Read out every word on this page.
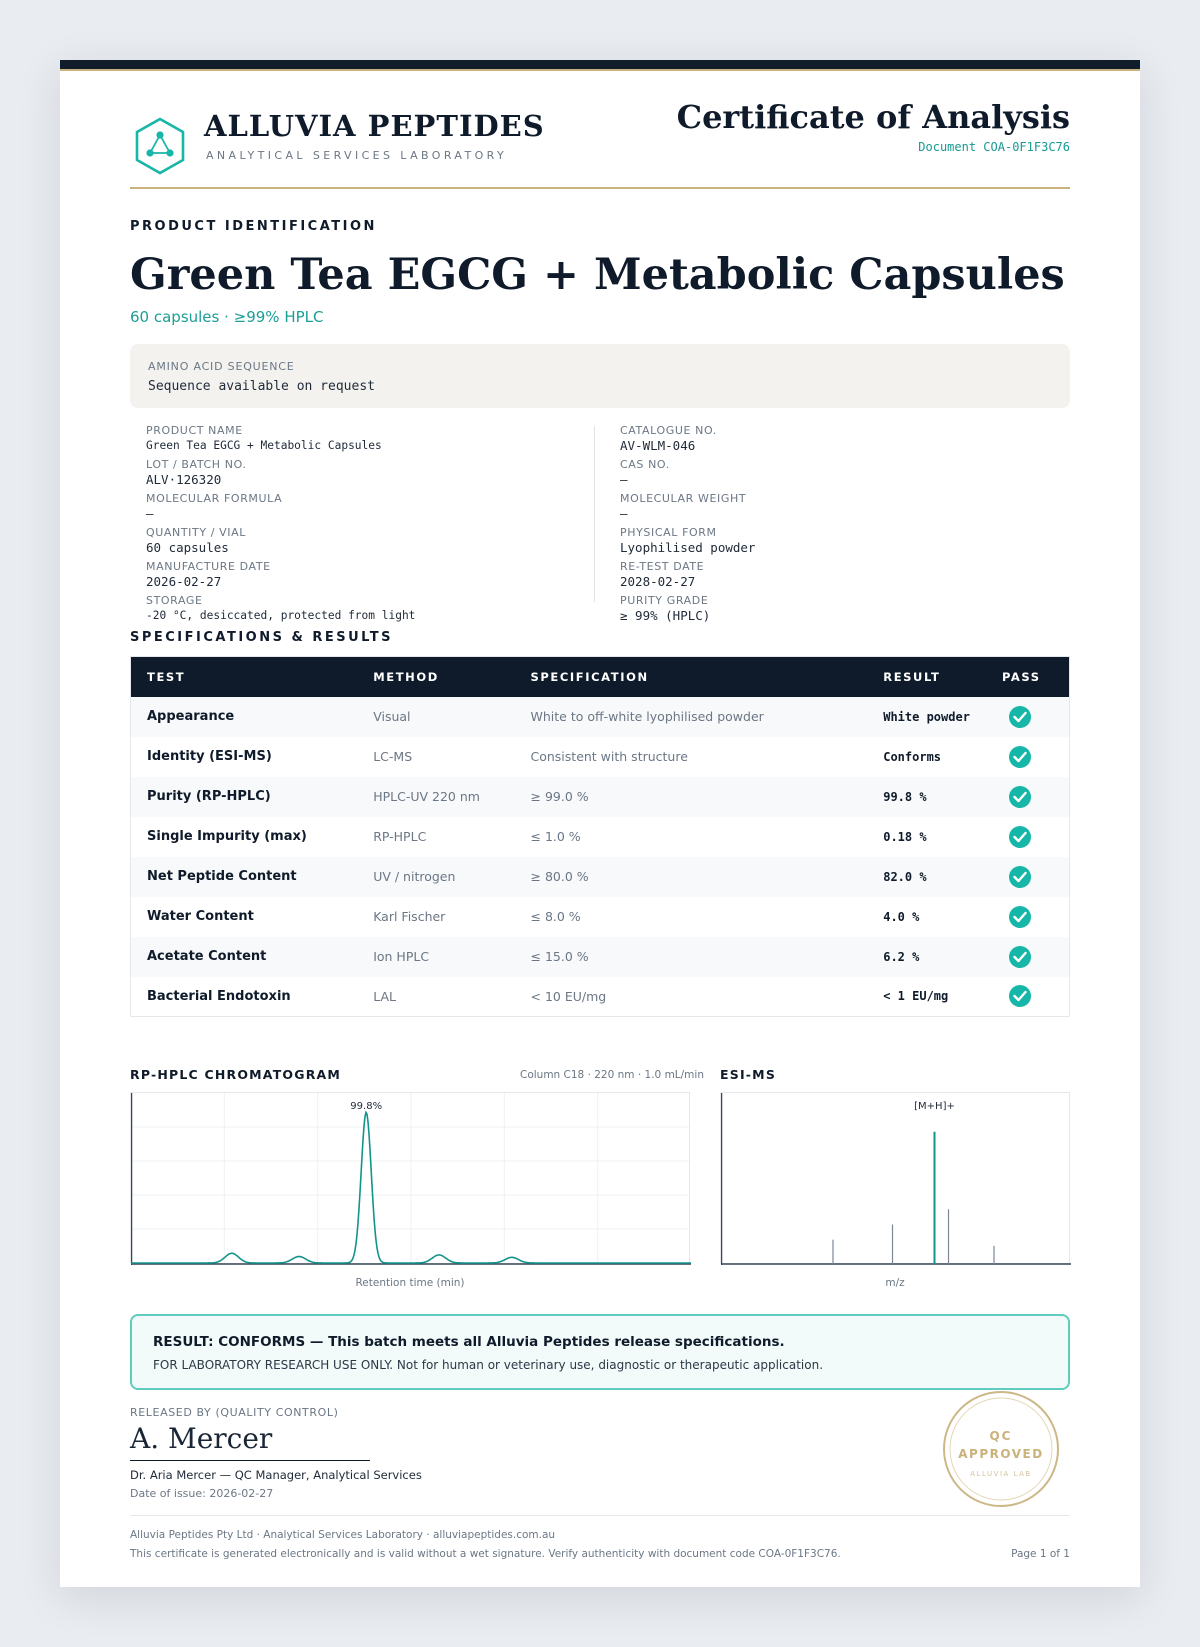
ALLUVIA PEPTIDES
ANALYTICAL SERVICES LABORATORY
Certificate of Analysis
Document COA-0F1F3C76
PRODUCT IDENTIFICATION
Green Tea EGCG + Metabolic Capsules
60 capsules · ≥99% HPLC
AMINO ACID SEQUENCE
Sequence available on request
PRODUCT NAME
Green Tea EGCG + Metabolic Capsules
LOT / BATCH NO.
ALV·126320
MOLECULAR FORMULA
—
QUANTITY / VIAL
60 capsules
MANUFACTURE DATE
2026-02-27
STORAGE
-20 °C, desiccated, protected from light
CATALOGUE NO.
AV-WLM-046
CAS NO.
—
MOLECULAR WEIGHT
—
PHYSICAL FORM
Lyophilised powder
RE-TEST DATE
2028-02-27
PURITY GRADE
≥ 99% (HPLC)
SPECIFICATIONS & RESULTS
TEST	METHOD	SPECIFICATION	RESULT	PASS
Appearance	Visual	White to off-white lyophilised powder	White powder	

Identity (ESI-MS)	LC-MS	Consistent with structure	Conforms	

Purity (RP-HPLC)	HPLC-UV 220 nm	≥ 99.0 %	99.8 %	

Single Impurity (max)	RP-HPLC	≤ 1.0 %	0.18 %	

Net Peptide Content	UV / nitrogen	≥ 80.0 %	82.0 %	

Water Content	Karl Fischer	≤ 8.0 %	4.0 %	

Acetate Content	Ion HPLC	≤ 15.0 %	6.2 %	

Bacterial Endotoxin	LAL	< 10 EU/mg	< 1 EU/mg	
RP-HPLC CHROMATOGRAM	Column C18 · 220 nm · 1.0 mL/min
99.8%
Retention time (min)
ESI-MS
[M+H]+
m/z
RESULT: CONFORMS — This batch meets all Alluvia Peptides release specifications.
FOR LABORATORY RESEARCH USE ONLY. Not for human or veterinary use, diagnostic or therapeutic application.
RELEASED BY (QUALITY CONTROL)
A. Mercer
Dr. Aria Mercer — QC Manager, Analytical Services
Date of issue: 2026-02-27
QC
APPROVED
ALLUVIA LAB
Alluvia Peptides Pty Ltd · Analytical Services Laboratory · alluviapeptides.com.au
This certificate is generated electronically and is valid without a wet signature. Verify authenticity with document code COA-0F1F3C76.	Page 1 of 1
